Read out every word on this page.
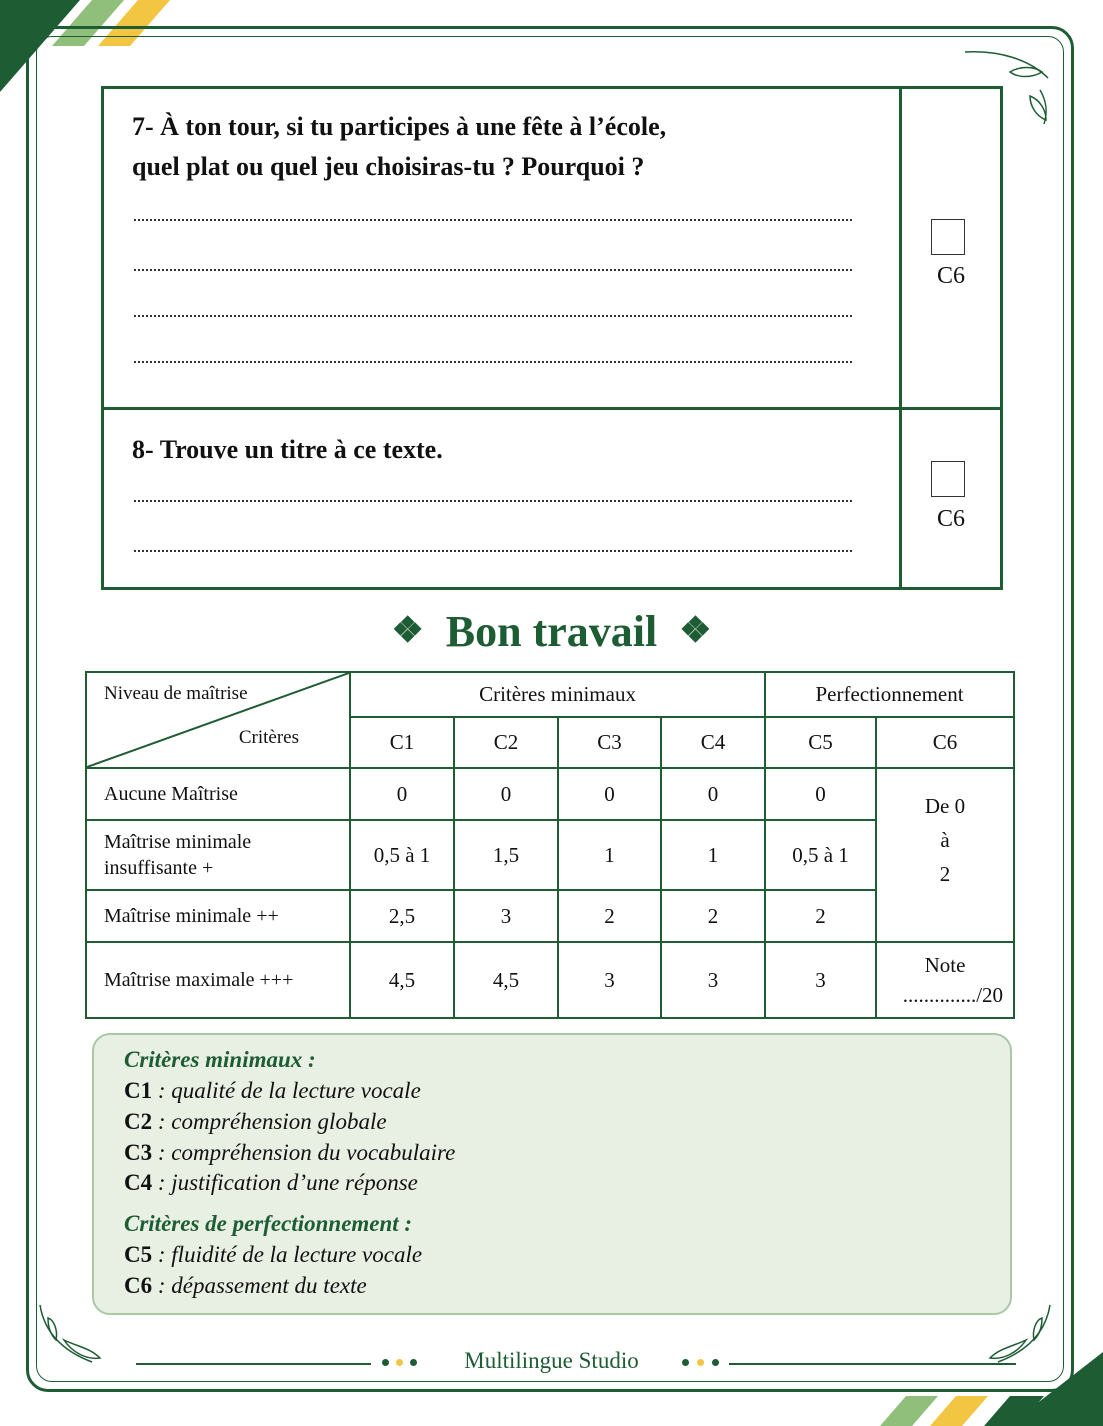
7- À ton tour, si tu participes à une fête à l’école,
quel plat ou quel jeu choisiras-tu ? Pourquoi ?
C6
8- Trouve un titre à ce texte.
C6
❖ Bon travail ❖
Niveau de maîtrise
Critères	Critères minimaux				Perfectionnement	
	C1	C2	C3	C4	C5	C6
Aucune Maîtrise	0	0	0	0	0	De 0
à
2

Maîtrise minimale
insuffisante +	0,5 à 1	1,5	1	1	0,5 à 1	
Maîtrise minimale ++	2,5	3	2	2	2	
Maîtrise maximale +++	4,5	4,5	3	3	3	Note
............../20
Critères minimaux :
C1 : qualité de la lecture vocale
C2 : compréhension globale
C3 : compréhension du vocabulaire
C4 : justification d’une réponse
Critères de perfectionnement :
C5 : fluidité de la lecture vocale
C6 : dépassement du texte
Multilingue Studio
